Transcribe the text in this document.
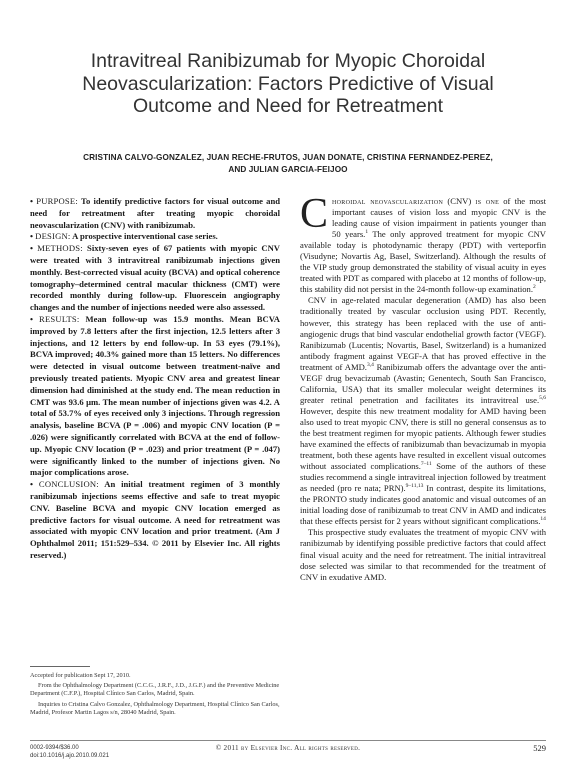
Intravitreal Ranibizumab for Myopic Choroidal
Neovascularization: Factors Predictive of Visual
Outcome and Need for Retreatment
CRISTINA CALVO-GONZALEZ, JUAN RECHE-FRUTOS, JUAN DONATE, CRISTINA FERNANDEZ-PEREZ,
AND JULIAN GARCIA-FEIJOO

• PURPOSE: To identify predictive factors for visual outcome and need for retreatment after treating myopic choroidal neovascularization (CNV) with ranibizumab.

• DESIGN: A prospective interventional case series.

• METHODS: Sixty-seven eyes of 67 patients with myopic CNV were treated with 3 intravitreal ranibizumab injections given monthly. Best-corrected visual acuity (BCVA) and optical coherence tomography–determined central macular thickness (CMT) were recorded monthly during follow-up. Fluorescein angiography changes and the number of injections needed were also assessed.

• RESULTS: Mean follow-up was 15.9 months. Mean BCVA improved by 7.8 letters after the first injection, 12.5 letters after 3 injections, and 12 letters by end follow-up. In 53 eyes (79.1%), BCVA improved; 40.3% gained more than 15 letters. No differences were detected in visual outcome between treatment-naïve and previously treated patients. Myopic CNV area and greatest linear dimension had diminished at the study end. The mean reduction in CMT was 93.6 μm. The mean number of injections given was 4.2. A total of 53.7% of eyes received only 3 injections. Through regression analysis, baseline BCVA (P = .006) and myopic CNV location (P = .026) were significantly correlated with BCVA at the end of follow-up. Myopic CNV location (P = .023) and prior treatment (P = .047) were significantly linked to the number of injections given. No major complications arose.

• CONCLUSION: An initial treatment regimen of 3 monthly ranibizumab injections seems effective and safe to treat myopic CNV. Baseline BCVA and myopic CNV location emerged as predictive factors for visual outcome. A need for retreatment was associated with myopic CNV location and prior treatment. (Am J Ophthalmol 2011; 151:529–534. © 2011 by Elsevier Inc. All rights reserved.)

Accepted for publication Sept 17, 2010.

From the Ophthalmology Department (C.C.G., J.R.F., J.D., J.G.F.) and the Preventive Medicine Department (C.F.P.), Hospital Clínico San Carlos, Madrid, Spain.

Inquiries to Cristina Calvo Gonzalez, Ophthalmology Department, Hospital Clínico San Carlos, Madrid, Profesor Martin Lagos s/n, 28040 Madrid, Spain.

Choroidal neovascularization (CNV) is one of the most important causes of vision loss and myopic CNV is the leading cause of vision impairment in patients younger than 50 years.$^1$ The only approved treatment for myopic CNV available today is photodynamic therapy (PDT) with verteporfin (Visudyne; Novartis Ag, Basel, Switzerland). Although the results of the VIP study group demonstrated the stability of visual acuity in eyes treated with PDT as compared with placebo at 12 months of follow-up, this stability did not persist in the 24-month follow-up examination.$^2$

CNV in age-related macular degeneration (AMD) has also been traditionally treated by vascular occlusion using PDT. Recently, however, this strategy has been replaced with the use of anti-angiogenic drugs that bind vascular endothelial growth factor (VEGF). Ranibizumab (Lucentis; Novartis, Basel, Switzerland) is a humanized antibody fragment against VEGF-A that has proved effective in the treatment of AMD.$^{3,4}$ Ranibizumab offers the advantage over the anti-VEGF drug bevacizumab (Avastin; Genentech, South San Francisco, California, USA) that its smaller molecular weight determines its greater retinal penetration and facilitates its intravitreal use.$^{5,6}$ However, despite this new treatment modality for AMD having been also used to treat myopic CNV, there is still no general consensus as to the best treatment regimen for myopic patients. Although fewer studies have examined the effects of ranibizumab than bevacizumab in myopia treatment, both these agents have resulted in excellent visual outcomes without associated complications.$^{7-11}$ Some of the authors of these studies recommend a single intravitreal injection followed by treatment as needed (pro re nata; PRN).$^{9-11,13}$ In contrast, despite its limitations, the PRONTO study indicates good anatomic and visual outcomes of an initial loading dose of ranibizumab to treat CNV in AMD and indicates that these effects persist for 2 years without significant complications.$^{14}$

This prospective study evaluates the treatment of myopic CNV with ranibizumab by identifying possible predictive factors that could affect final visual acuity and the need for retreatment. The initial intravitreal dose selected was similar to that recommended for the treatment of CNV in exudative AMD.

0002-9394/$36.00
doi:10.1016/j.ajo.2010.09.021
© 2011 by Elsevier Inc. All rights reserved.	529
